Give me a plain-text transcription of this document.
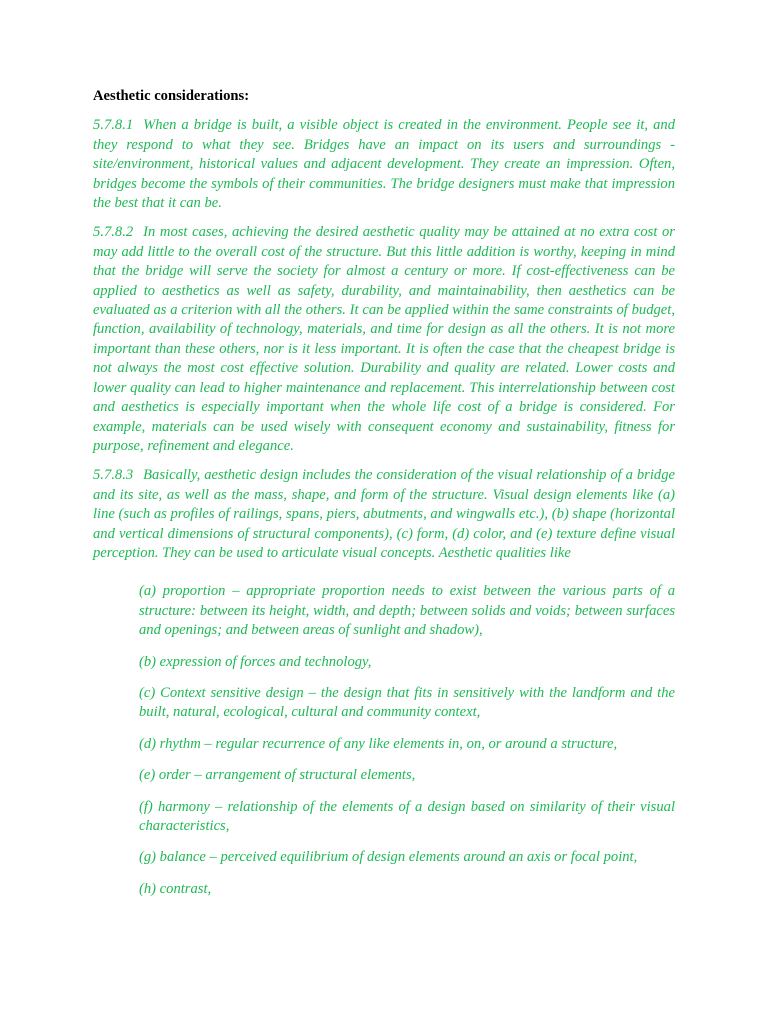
Aesthetic considerations:

5.7.8.1 When a bridge is built, a visible object is created in the environment. People see it, and they respond to what they see. Bridges have an impact on its users and surroundings - site/environment, historical values and adjacent development. They create an impression. Often, bridges become the symbols of their communities. The bridge designers must make that impression the best that it can be.

5.7.8.2 In most cases, achieving the desired aesthetic quality may be attained at no extra cost or may add little to the overall cost of the structure. But this little addition is worthy, keeping in mind that the bridge will serve the society for almost a century or more. If cost-effectiveness can be applied to aesthetics as well as safety, durability, and maintainability, then aesthetics can be evaluated as a criterion with all the others. It can be applied within the same constraints of budget, function, availability of technology, materials, and time for design as all the others. It is not more important than these others, nor is it less important. It is often the case that the cheapest bridge is not always the most cost effective solution. Durability and quality are related. Lower costs and lower quality can lead to higher maintenance and replacement. This interrelationship between cost and aesthetics is especially important when the whole life cost of a bridge is considered. For example, materials can be used wisely with consequent economy and sustainability, fitness for purpose, refinement and elegance.

5.7.8.3 Basically, aesthetic design includes the consideration of the visual relationship of a bridge and its site, as well as the mass, shape, and form of the structure. Visual design elements like (a) line (such as profiles of railings, spans, piers, abutments, and wingwalls etc.), (b) shape (horizontal and vertical dimensions of structural components), (c) form, (d) color, and (e) texture define visual perception. They can be used to articulate visual concepts. Aesthetic qualities like

(a) proportion – appropriate proportion needs to exist between the various parts of a structure: between its height, width, and depth; between solids and voids; between surfaces and openings; and between areas of sunlight and shadow),
(b) expression of forces and technology,
(c) Context sensitive design – the design that fits in sensitively with the landform and the built, natural, ecological, cultural and community context,
(d) rhythm – regular recurrence of any like elements in, on, or around a structure,
(e) order – arrangement of structural elements,
(f) harmony – relationship of the elements of a design based on similarity of their visual characteristics,
(g) balance – perceived equilibrium of design elements around an axis or focal point,
(h) contrast,
